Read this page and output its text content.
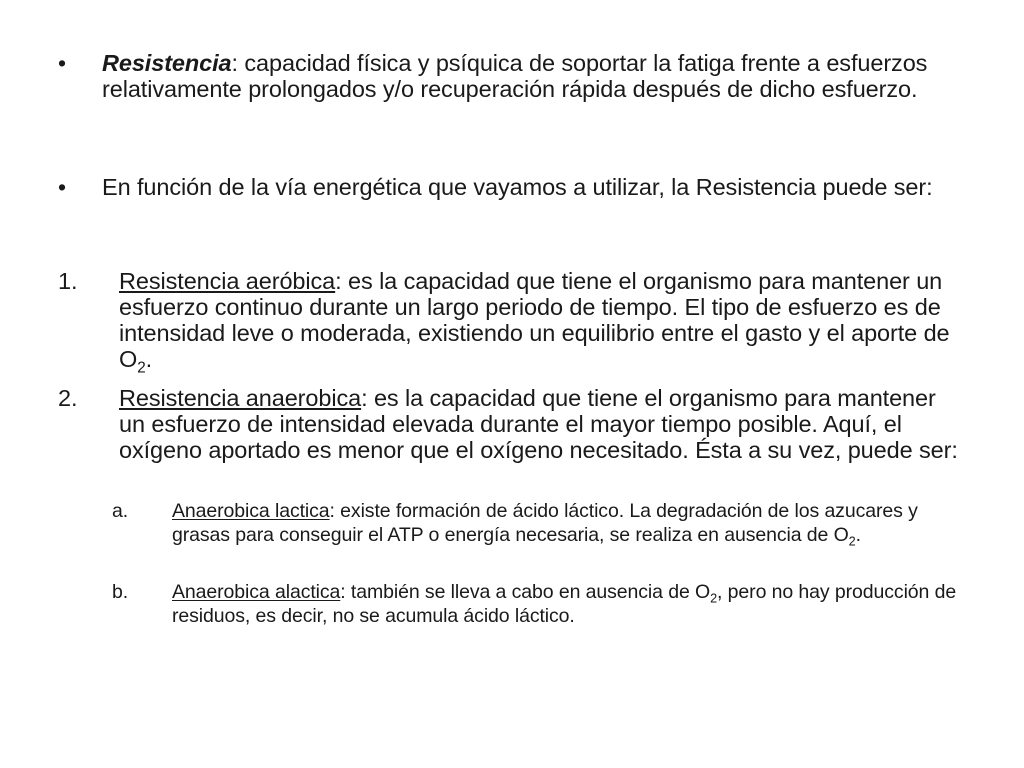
•	Resistencia: capacidad física y psíquica de soportar la fatiga frente a esfuerzos relativamente prolongados y/o recuperación rápida después de dicho esfuerzo.
•	En función de la vía energética que vayamos a utilizar, la Resistencia puede ser:
1.	Resistencia aeróbica: es la capacidad que tiene el organismo para mantener un esfuerzo continuo durante un largo periodo de tiempo. El tipo de esfuerzo es de intensidad leve o moderada, existiendo un equilibrio entre el gasto y el aporte de $O_2$.
2.	Resistencia anaerobica: es la capacidad que tiene el organismo para mantener un esfuerzo de intensidad elevada durante el mayor tiempo posible. Aquí, el oxígeno aportado es menor que el oxígeno necesitado. Ésta a su vez, puede ser:
a.	Anaerobica lactica: existe formación de ácido láctico. La degradación de los azucares y grasas para conseguir el ATP o energía necesaria, se realiza en ausencia de $O_2$.
b.	Anaerobica alactica: también se lleva a cabo en ausencia de $O_2$, pero no hay producción de residuos, es decir, no se acumula ácido láctico.
